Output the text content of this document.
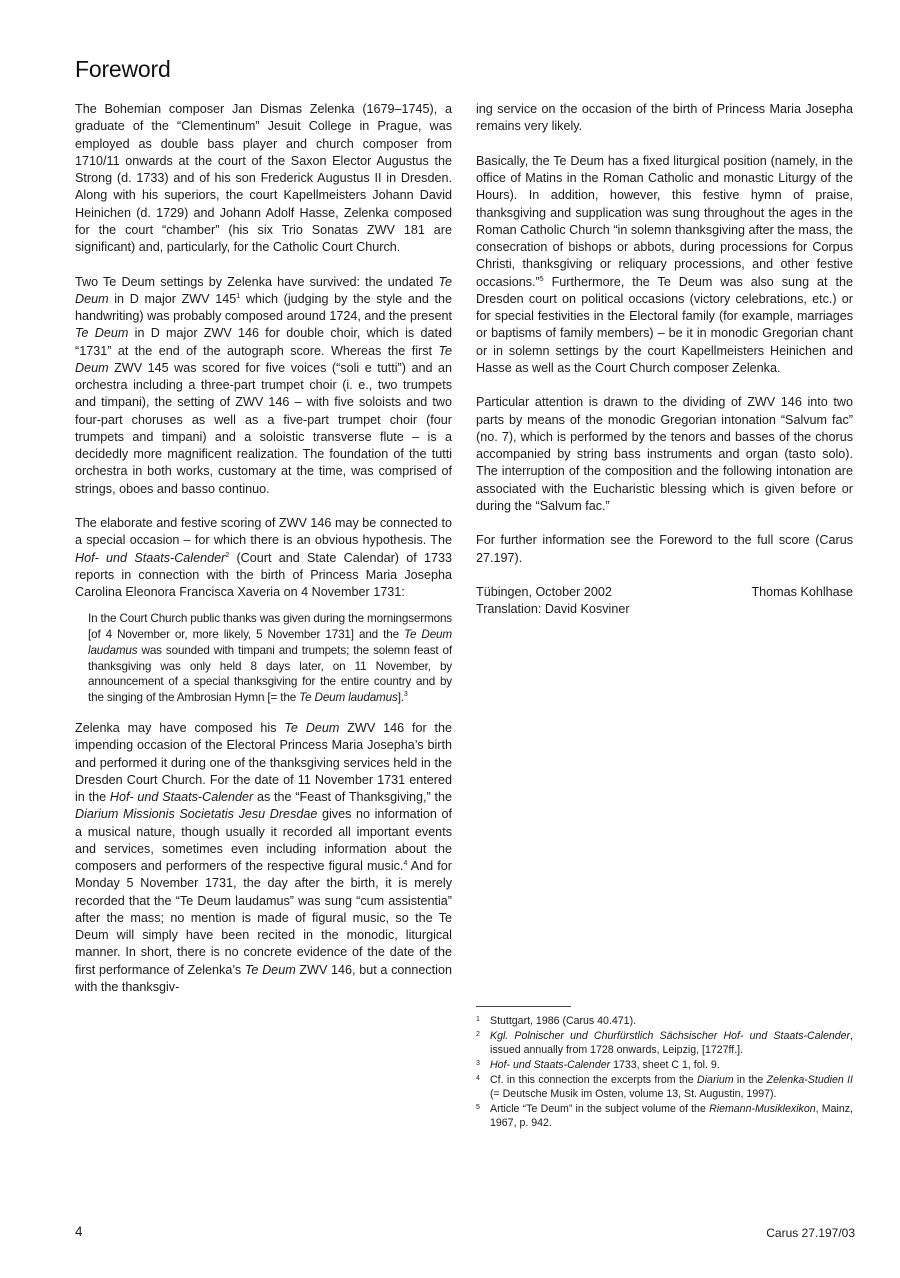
Foreword

The Bohemian composer Jan Dismas Zelenka (1679–1745), a graduate of the “Clementinum” Jesuit College in Prague, was employed as double bass player and church composer from 1710/11 onwards at the court of the Saxon Elector Augustus the Strong (d. 1733) and of his son Frederick Augustus II in Dresden. Along with his superiors, the court Kapellmeisters Johann David Heinichen (d. 1729) and Johann Adolf Hasse, Zelenka composed for the court “chamber” (his six Trio Sonatas ZWV 181 are significant) and, particularly, for the Catholic Court Church.

Two Te Deum settings by Zelenka have survived: the undated Te Deum in D major ZWV $145^1$ which (judging by the style and the handwriting) was probably composed around 1724, and the present Te Deum in D major ZWV 146 for double choir, which is dated “1731” at the end of the autograph score. Whereas the first Te Deum ZWV 145 was scored for five voices (“soli e tutti”) and an orchestra including a three-part trumpet choir (i. e., two trumpets and timpani), the setting of ZWV 146 – with five soloists and two four-part choruses as well as a five-part trumpet choir (four trumpets and timpani) and a soloistic transverse flute – is a decidedly more magnificent realization. The foundation of the tutti orchestra in both works, customary at the time, was comprised of strings, oboes and basso continuo.

The elaborate and festive scoring of ZWV 146 may be connected to a special occasion – for which there is an obvious hypothesis. The Hof- und Staats-Calender$^2$ (Court and State Calendar) of 1733 reports in connection with the birth of Princess Maria Josepha Carolina Eleonora Francisca Xaveria on 4 November 1731:

In the Court Church public thanks was given during the morningsermons [of 4 November or, more likely, 5 November 1731] and the Te Deum laudamus was sounded with timpani and trumpets; the solemn feast of thanksgiving was only held 8 days later, on 11 November, by announcement of a special thanksgiving for the entire country and by the singing of the Ambrosian Hymn [= the Te Deum laudamus].$^3$

Zelenka may have composed his Te Deum ZWV 146 for the impending occasion of the Electoral Princess Maria Josepha’s birth and performed it during one of the thanksgiving services held in the Dresden Court Church. For the date of 11 November 1731 entered in the Hof- und Staats-Calender as the “Feast of Thanksgiving,” the Diarium Missionis Societatis Jesu Dresdae gives no information of a musical nature, though usually it recorded all important events and services, sometimes even including information about the composers and performers of the respective figural music.$^4$ And for Monday 5 November 1731, the day after the birth, it is merely recorded that the “Te Deum laudamus” was sung “cum assistentia” after the mass; no mention is made of figural music, so the Te Deum will simply have been recited in the monodic, liturgical manner. In short, there is no concrete evidence of the date of the first performance of Zelenka’s Te Deum ZWV 146, but a connection with the thanksgiv-

ing service on the occasion of the birth of Princess Maria Josepha remains very likely.

Basically, the Te Deum has a fixed liturgical position (namely, in the office of Matins in the Roman Catholic and monastic Liturgy of the Hours). In addition, however, this festive hymn of praise, thanksgiving and supplication was sung throughout the ages in the Roman Catholic Church “in solemn thanksgiving after the mass, the consecration of bishops or abbots, during processions for Corpus Christi, thanksgiving or reliquary processions, and other festive occasions.”$^5$ Furthermore, the Te Deum was also sung at the Dresden court on political occasions (victory celebrations, etc.) or for special festivities in the Electoral family (for example, marriages or baptisms of family members) – be it in monodic Gregorian chant or in solemn settings by the court Kapellmeisters Heinichen and Hasse as well as the Court Church composer Zelenka.

Particular attention is drawn to the dividing of ZWV 146 into two parts by means of the monodic Gregorian intonation “Salvum fac” (no. 7), which is performed by the tenors and basses of the chorus accompanied by string bass instruments and organ (tasto solo). The interruption of the composition and the following intonation are associated with the Eucharistic blessing which is given before or during the “Salvum fac.”

For further information see the Foreword to the full score (Carus 27.197).

Tübingen, October 2002	Thomas Kohlhase
Translation: David Kosviner
1 Stuttgart, 1986 (Carus 40.471).
2 Kgl. Polnischer und Churfürstlich Sächsischer Hof- und Staats-Calender, issued annually from 1728 onwards, Leipzig, [1727ff.].
3 Hof- und Staats-Calender 1733, sheet C 1, fol. 9.
4 Cf. in this connection the excerpts from the Diarium in the Zelenka-Studien II (= Deutsche Musik im Osten, volume 13, St. Augustin, 1997).
5 Article “Te Deum” in the subject volume of the Riemann-Musiklexikon, Mainz, 1967, p. 942.
4	Carus 27.197/03
